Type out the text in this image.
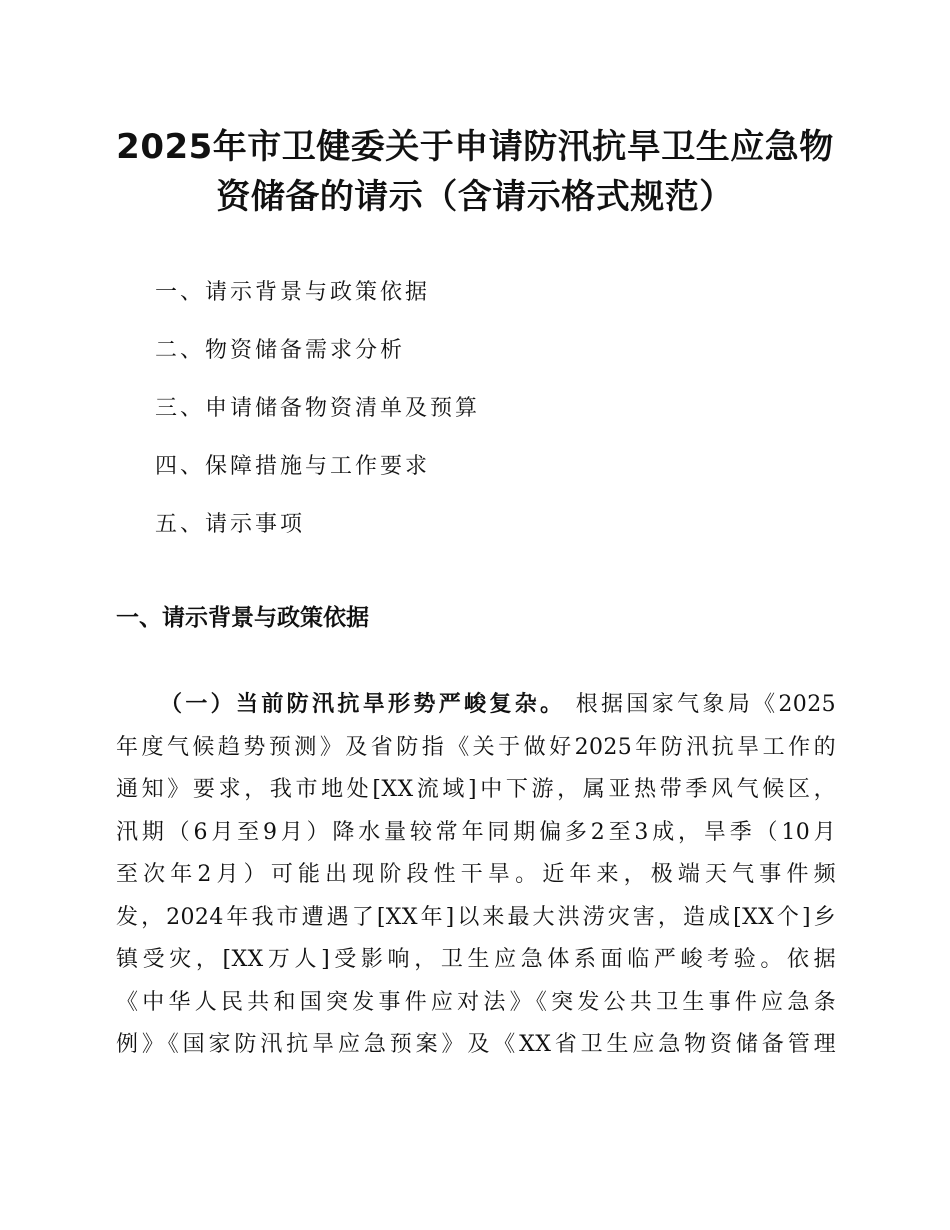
2025年市卫健委关于申请防汛抗旱卫生应急物
资储备的请示（含请示格式规范）
一、请示背景与政策依据
二、物资储备需求分析
三、申请储备物资清单及预算
四、保障措施与工作要求
五、请示事项
一、请示背景与政策依据
（一）当前防汛抗旱形势严峻复杂。 根据国家气象局《2025
年度气候趋势预测》及省防指《关于做好2025年防汛抗旱工作的
通知》要求，我市地处[XX流域]中下游，属亚热带季风气候区，
汛期（6月至9月）降水量较常年同期偏多2至3成，旱季（10月
至次年2月）可能出现阶段性干旱。近年来，极端天气事件频
发，2024年我市遭遇了[XX年]以来最大洪涝灾害，造成[XX个]乡
镇受灾，[XX万人]受影响，卫生应急体系面临严峻考验。依据
《中华人民共和国突发事件应对法》《突发公共卫生事件应急条
例》《国家防汛抗旱应急预案》及《XX省卫生应急物资储备管理
